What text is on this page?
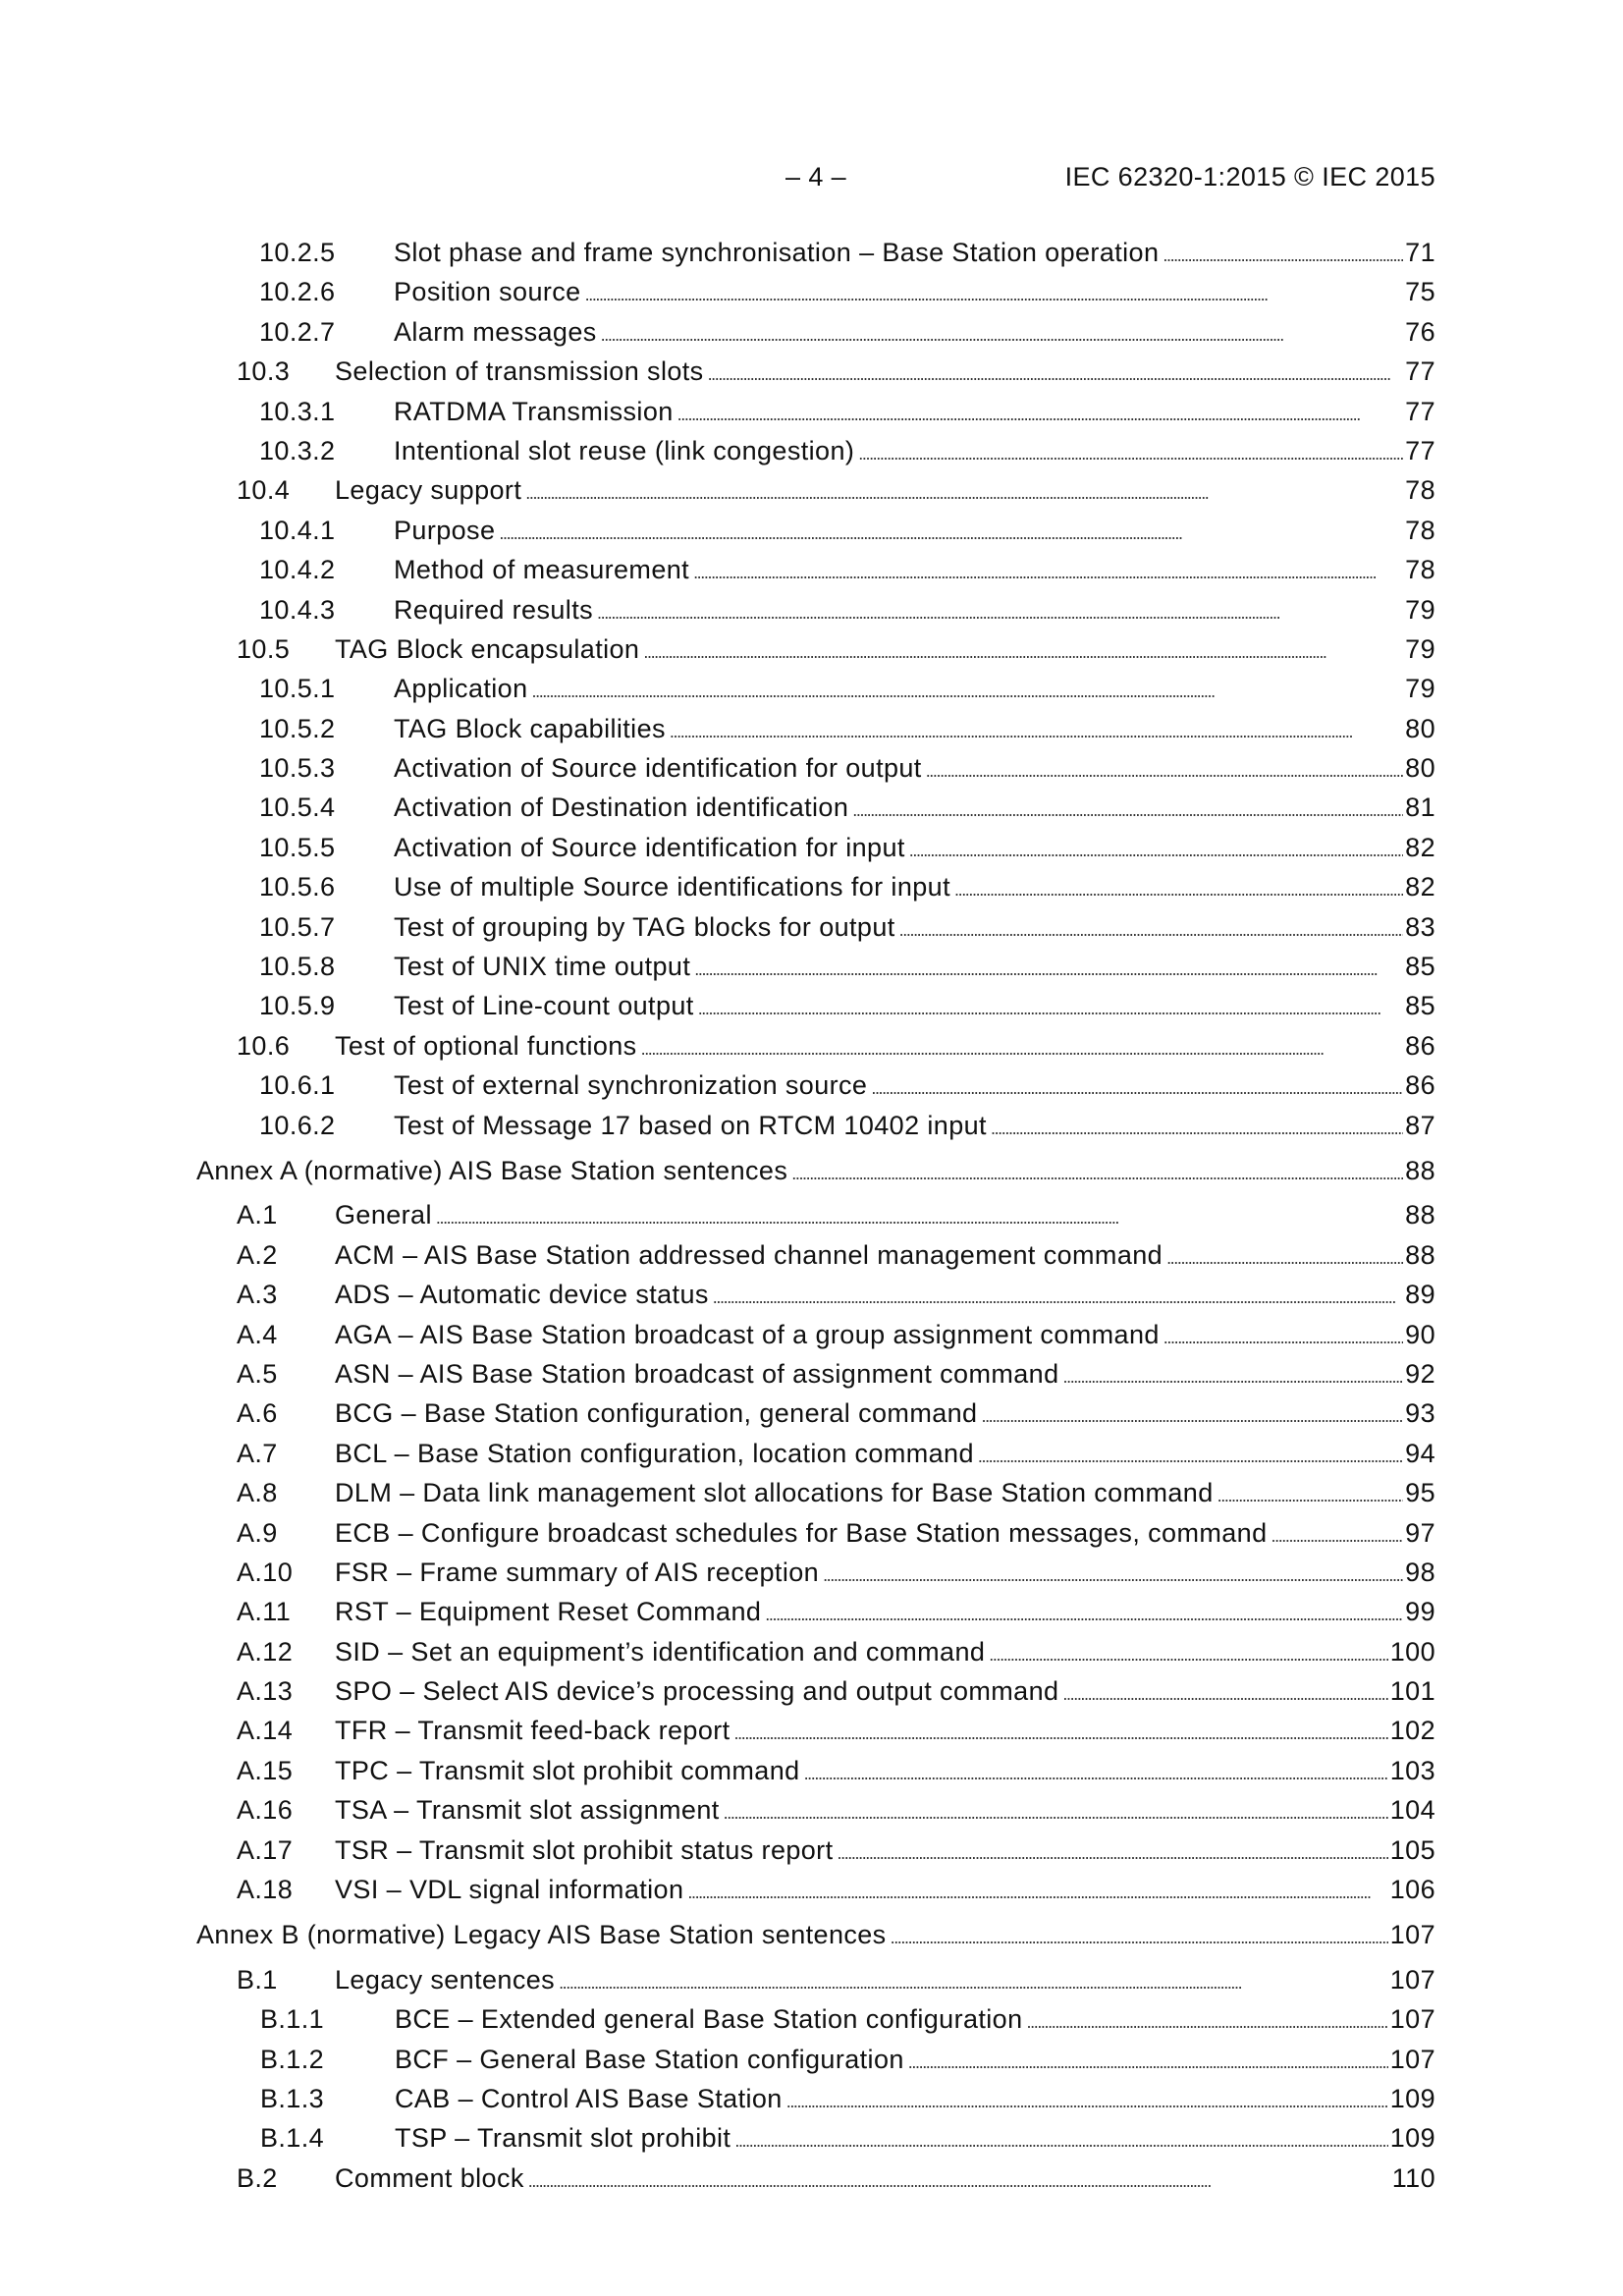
– 4 –	IEC 62320-1:2015 © IEC 2015
10.2.5	Slot phase and frame synchronisation – Base Station operation . . .	71
10.2.6	Position source . . .	75
10.2.7	Alarm messages . . .	76
10.3	Selection of transmission slots . . .	77
10.3.1	RATDMA Transmission . . .	77
10.3.2	Intentional slot reuse (link congestion) . . .	77
10.4	Legacy support . . .	78
10.4.1	Purpose . . .	78
10.4.2	Method of measurement . . .	78
10.4.3	Required results . . .	79
10.5	TAG Block encapsulation . . .	79
10.5.1	Application . . .	79
10.5.2	TAG Block capabilities . . .	80
10.5.3	Activation of Source identification for output . . .	80
10.5.4	Activation of Destination identification . . .	81
10.5.5	Activation of Source identification for input . . .	82
10.5.6	Use of multiple Source identifications for input . . .	82
10.5.7	Test of grouping by TAG blocks for output . . .	83
10.5.8	Test of UNIX time output . . .	85
10.5.9	Test of Line-count output . . .	85
10.6	Test of optional functions . . .	86
10.6.1	Test of external synchronization source . . .	86
10.6.2	Test of Message 17 based on RTCM 10402 input . . .	87
Annex A (normative) AIS Base Station sentences . . .	88
A.1	General . . .	88
A.2	ACM – AIS Base Station addressed channel management command . . .	88
A.3	ADS – Automatic device status . . .	89
A.4	AGA – AIS Base Station broadcast of a group assignment command . . .	90
A.5	ASN – AIS Base Station broadcast of assignment command . . .	92
A.6	BCG – Base Station configuration, general command . . .	93
A.7	BCL – Base Station configuration, location command . . .	94
A.8	DLM – Data link management slot allocations for Base Station command . . .	95
A.9	ECB – Configure broadcast schedules for Base Station messages, command . . .	97
A.10	FSR – Frame summary of AIS reception . . .	98
A.11	RST – Equipment Reset Command . . .	99
A.12	SID – Set an equipment’s identification and command . . .	100
A.13	SPO – Select AIS device’s processing and output command . . .	101
A.14	TFR – Transmit feed-back report . . .	102
A.15	TPC – Transmit slot prohibit command . . .	103
A.16	TSA – Transmit slot assignment . . .	104
A.17	TSR – Transmit slot prohibit status report . . .	105
A.18	VSI – VDL signal information . . .	106
Annex B (normative) Legacy AIS Base Station sentences . . .	107
B.1	Legacy sentences . . .	107
B.1.1	BCE – Extended general Base Station configuration . . .	107
B.1.2	BCF – General Base Station configuration . . .	107
B.1.3	CAB – Control AIS Base Station . . .	109
B.1.4	TSP – Transmit slot prohibit . . .	109
B.2	Comment block . . .	110
